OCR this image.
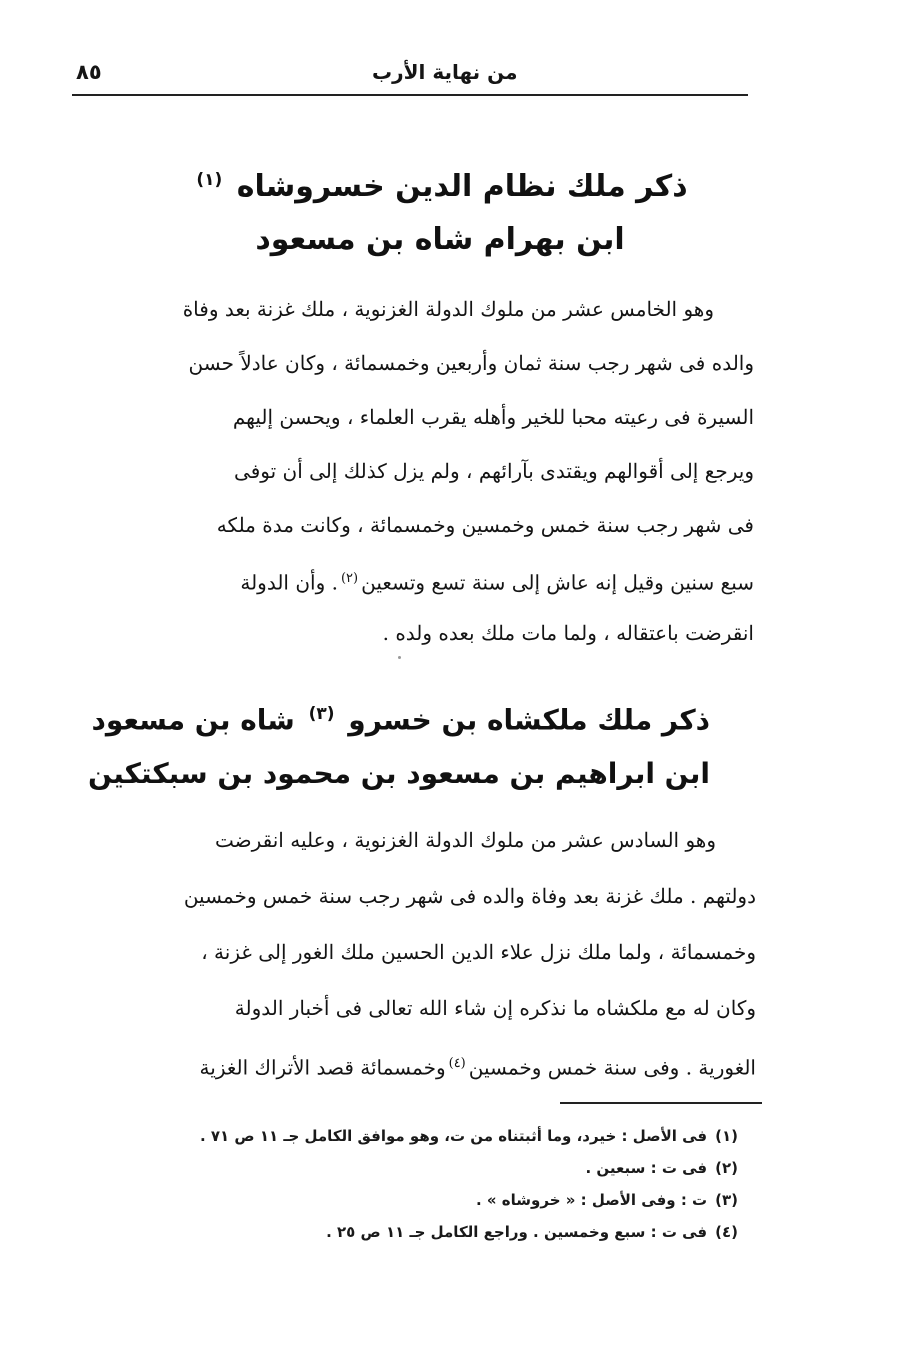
من نهاية الأرب
٨٥
ذكر ملك نظام الدين خسروشاه $^{(١)}$
ابن بهرام شاه بن مسعود
وهو الخامس عشر من ملوك الدولة الغزنوية ، ملك غزنة بعد وفاة
والده فى شهر رجب سنة ثمان وأربعين وخمسمائة ، وكان عادلاً حسن
السيرة فى رعيته محبا للخير وأهله يقرب العلماء ، ويحسن إليهم
ويرجع إلى أقوالهم ويقتدى بآرائهم ، ولم يزل كذلك إلى أن توفى
فى شهر رجب سنة خمس وخمسين وخمسمائة ، وكانت مدة ملكه
سبع سنين وقيل إنه عاش إلى سنة تسع وتسعين$^{(٢)}$. وأن الدولة
انقرضت باعتقاله ، ولما مات ملك بعده ولده .
ذكر ملك ملكشاه بن خسرو $^{(٣)}$ شاه بن مسعود
ابن ابراهيم بن مسعود بن محمود بن سبكتكين
وهو السادس عشر من ملوك الدولة الغزنوية ، وعليه انقرضت
دولتهم . ملك غزنة بعد وفاة والده فى شهر رجب سنة خمس وخمسين
وخمسمائة ، ولما ملك نزل علاء الدين الحسين ملك الغور إلى غزنة ،
وكان له مع ملكشاه ما نذكره إن شاء الله تعالى فى أخبار الدولة
الغورية . وفى سنة خمس وخمسين$^{(٤)}$وخمسمائة قصد الأتراك الغزية
(١)فى الأصل : خيرد، وما أثبتناه من ت، وهو موافق الكامل جـ ١١ ص ٧١ .
(٢)فى ت : سبعين .
(٣)ت : وفى الأصل : « خروشاه » .
(٤)فى ت : سبع وخمسين . وراجع الكامل جـ ١١ ص ٢٥ .
